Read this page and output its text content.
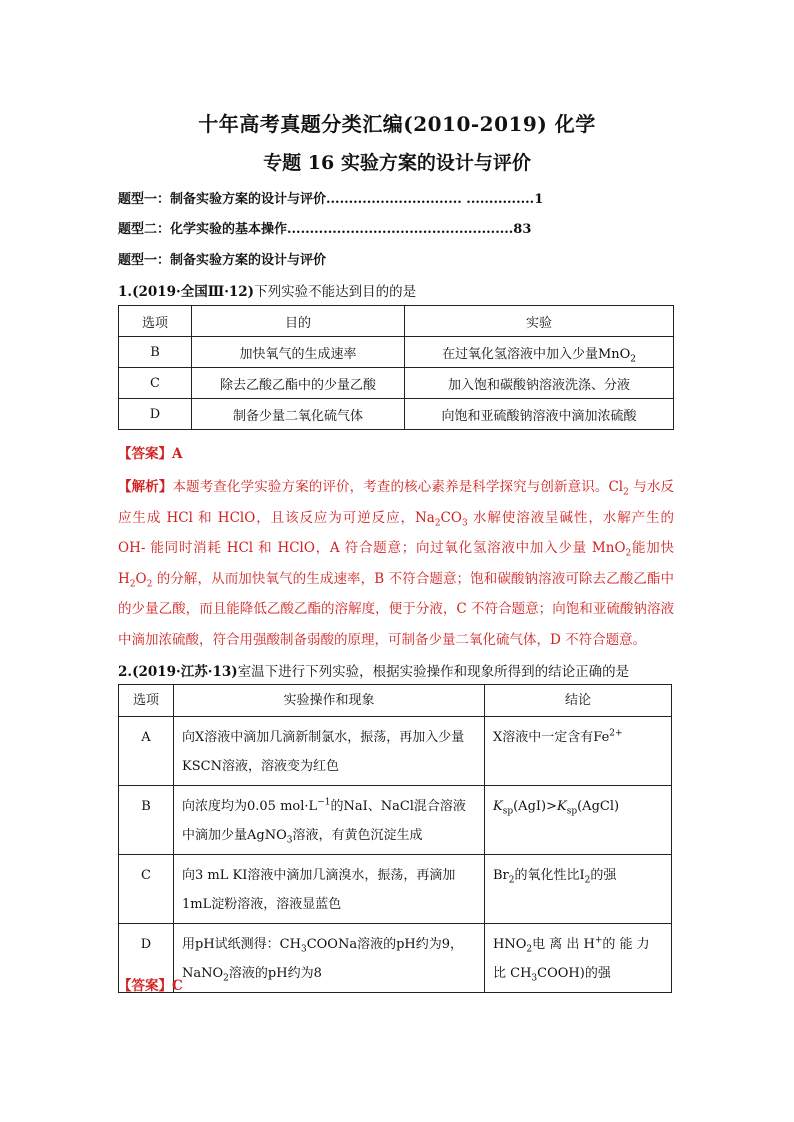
十年高考真题分类汇编(2010-2019) 化学
专题 16 实验方案的设计与评价
题型一：制备实验方案的设计与评价.............................. ...............1
题型二：化学实验的基本操作..................................................83
题型一：制备实验方案的设计与评价
1.(2019·全国Ⅲ·12)下列实验不能达到目的的是
选项	目的	实验
B	加快氧气的生成速率	在过氧化氢溶液中加入少量MnO$_2$
C	除去乙酸乙酯中的少量乙酸	加入饱和碳酸钠溶液洗涤、分液
D	制备少量二氧化硫气体	向饱和亚硫酸钠溶液中滴加浓硫酸
【答案】A
【解析】本题考查化学实验方案的评价，考查的核心素养是科学探究与创新意识。$Cl_2$ 与水反应生成 HCl 和 HClO，且该反应为可逆反应，$Na_2CO_3$ 水解使溶液呈碱性，水解产生的 OH- 能同时消耗 HCl 和 HClO，A 符合题意；向过氧化氢溶液中加入少量 MnO$_2$能加快 $H_2O_2$ 的分解，从而加快氧气的生成速率，B 不符合题意；饱和碳酸钠溶液可除去乙酸乙酯中的少量乙酸，而且能降低乙酸乙酯的溶解度，便于分液，C 不符合题意；向饱和亚硫酸钠溶液中滴加浓硫酸，符合用强酸制备弱酸的原理，可制备少量二氧化硫气体，D 不符合题意。
2.(2019·江苏·13)室温下进行下列实验，根据实验操作和现象所得到的结论正确的是
选项	实验操作和现象	结论
A	向X溶液中滴加几滴新制氯水，振荡，再加入少量KSCN溶液，溶液变为红色	X溶液中一定含有$Fe^{2+}$
B	向浓度均为0.05 $mol\cdot L^{-1}$的NaI、NaCl混合溶液中滴加少量AgNO$_3$溶液，有黄色沉淀生成	$K_{sp}(AgI)>K_{sp}(AgCl)$
C	向3 mL KI溶液中滴加几滴溴水，振荡，再滴加1mL淀粉溶液，溶液显蓝色	$Br_2$的氧化性比$I_2$的强
D	用pH试纸测得：$CH_3COONa$溶液的pH约为9，NaNO$_2$溶液的pH约为8	$HNO_2$电 离 出 H+的 能 力 比 $CH_3COOH$)的强
【答案】C
